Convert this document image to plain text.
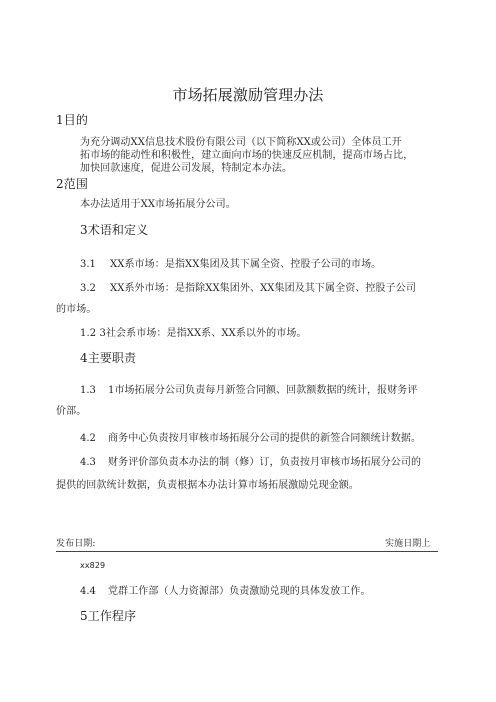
市场拓展激励管理办法
1目的
为充分调动XX信息技术股份有限公司（以下简称XX或公司）全体员工开
拓市场的能动性和积极性，建立面向市场的快速反应机制，提高市场占比，
加快回款速度，促进公司发展，特制定本办法。
2范围
本办法适用于XX市场拓展分公司。
3术语和定义
3.1 XX系市场：是指XX集团及其下属全资、控股子公司的市场。
3.2 XX系外市场：是指除XX集团外、XX集团及其下属全资、控股子公司
的市场。
1.2 3社会系市场：是指XX系、XX系以外的市场。
4主要职责
1.3 1市场拓展分公司负责每月新签合同额、回款额数据的统计，报财务评
价部。
4.2 商务中心负责按月审核市场拓展分公司的提供的新签合同额统计数据。
4.3 财务评价部负责本办法的制（修）订，负责按月审核市场拓展分公司的
提供的回款统计数据，负责根据本办法计算市场拓展激励兑现金额。
发布日期:	实施日期上
xx829
4.4 党群工作部（人力资源部）负责激励兑现的具体发放工作。
5工作程序
